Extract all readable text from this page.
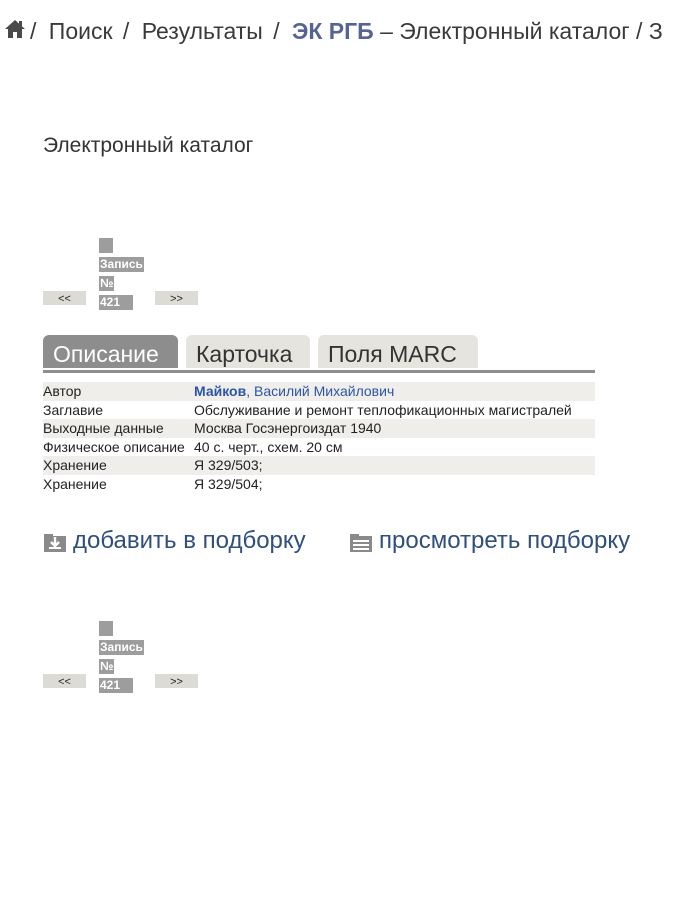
/ Поиск / Результаты / ЭК РГБ – Электронный каталог / З
Электронный каталог

Запись
№
421
<<	>>
Описание	Карточка	Поля MARC
Автор	Майков, Василий Михайлович
Заглавие	Обслуживание и ремонт теплофикационных магистралей
Выходные данные	Москва Госэнергоиздат 1940
Физическое описание	40 с. черт., схем. 20 см
Хранение	Я 329/503;
Хранение	Я 329/504;
добавить в подборку	просмотреть подборку

Запись
№
421
<<	>>
